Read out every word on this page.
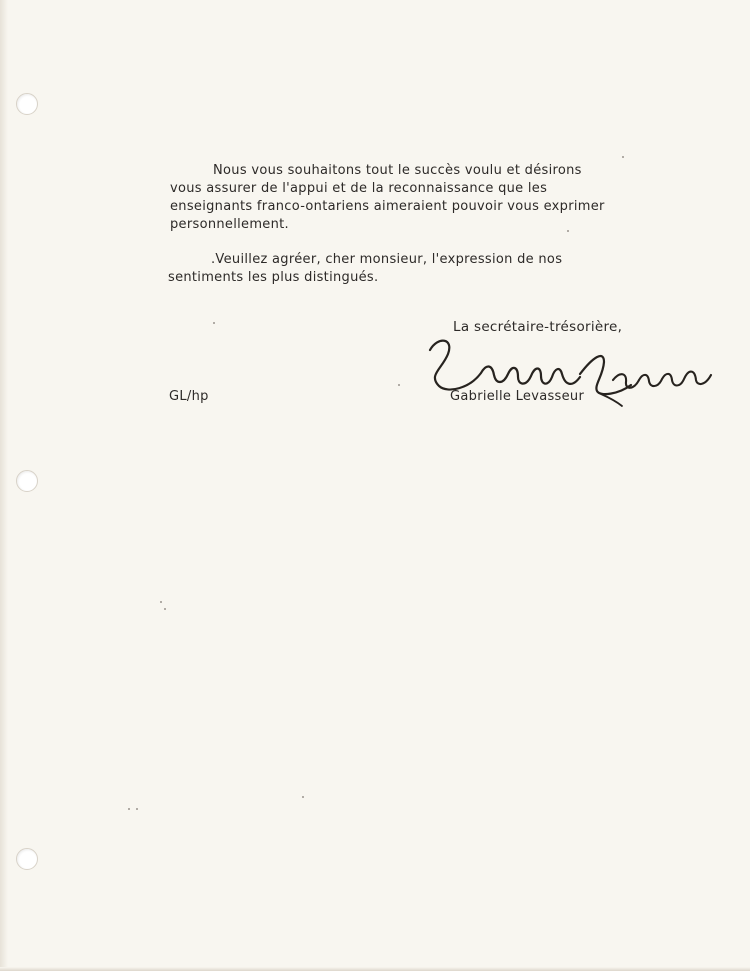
Nous vous souhaitons tout le succès voulu et désirons
vous assurer de l'appui et de la reconnaissance que les
enseignants franco-ontariens aimeraient pouvoir vous exprimer
personnellement.
.Veuillez agréer, cher monsieur, l'expression de nos
sentiments les plus distingués.
La secrétaire-trésorière,
GL/hp	Gabrielle Levasseur
